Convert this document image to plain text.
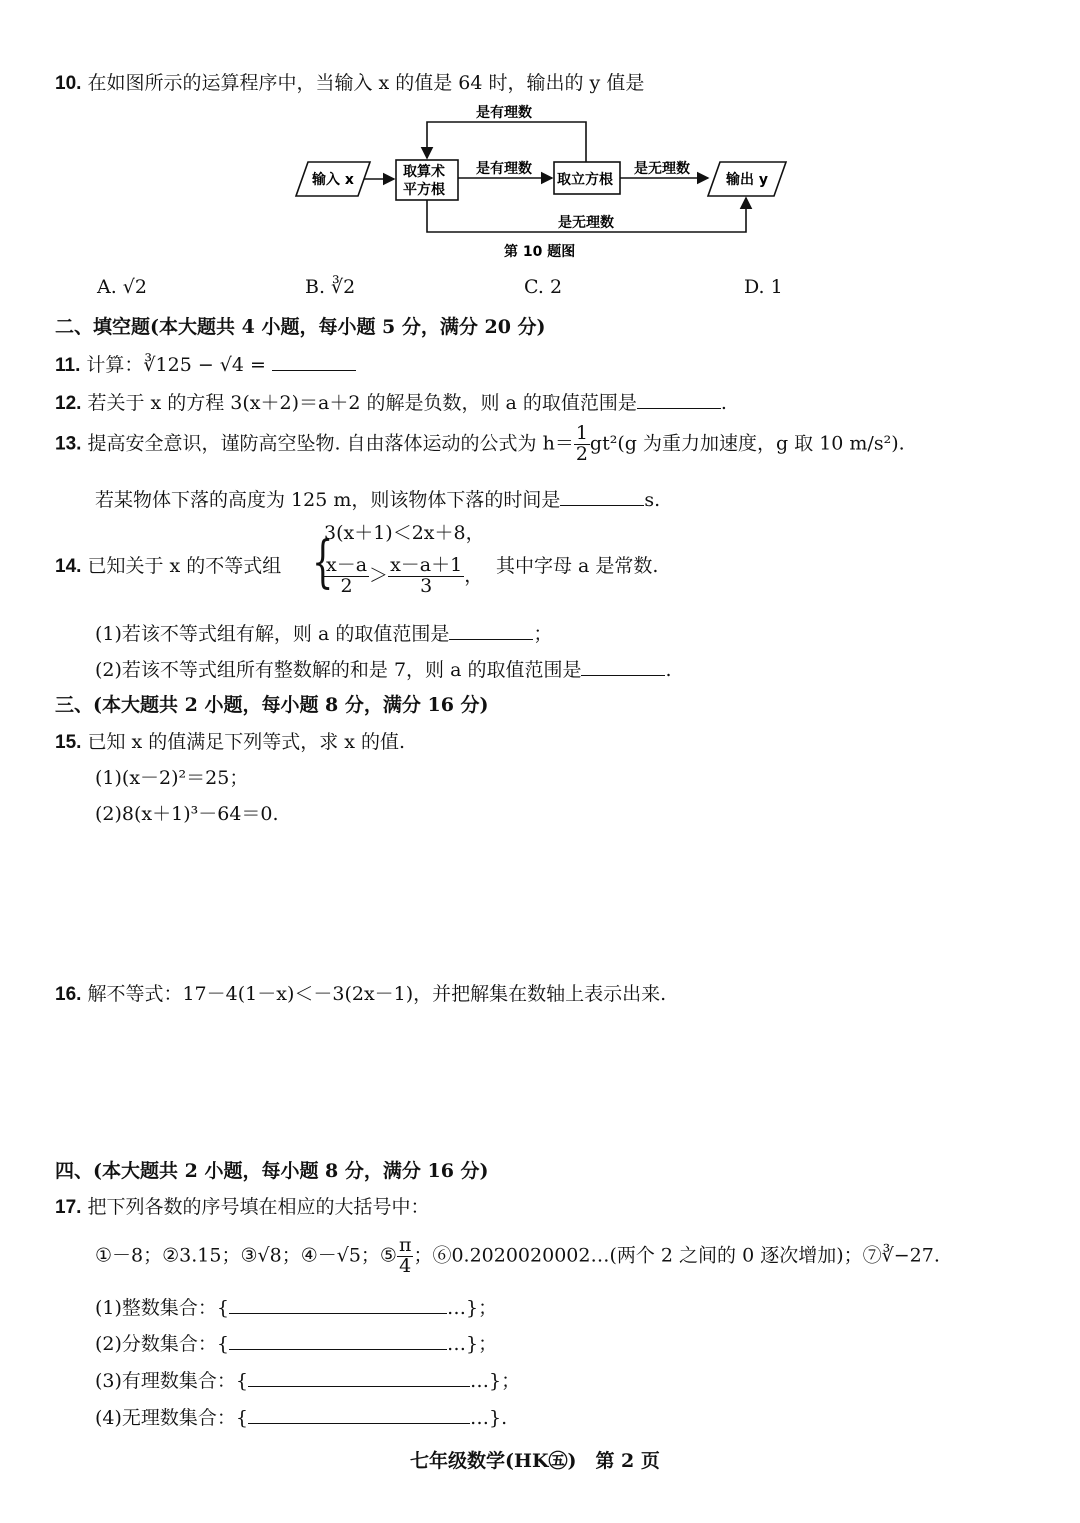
10. 在如图所示的运算程序中，当输入 x 的值是 64 时，输出的 y 值是
输入 x	取算术
平方根
是有理数
取立方根
是无理数
输出 y
是有理数
是无理数
第 10 题图
A. √2	B. ∛2	C. 2	D. 1
二、填空题(本大题共 4 小题，每小题 5 分，满分 20 分)
11. 计算：∛125 − √4 =
12. 若关于 x 的方程 3(x＋2)＝a＋2 的解是负数，则 a 的取值范围是	.
13. 提高安全意识，谨防高空坠物. 自由落体运动的公式为 $h= \frac{1}{2} gt^2(g$ 为重力加速度，g 取 10 m/s²).
若某物体下落的高度为 125 m，则该物体下落的时间是	s.
14. 已知关于 x 的不等式组 {
3(x＋1)＜2x＋8，
$\frac{x-a}{2} > \frac{x-a+1}{3}$ ， 其中字母 a 是常数.
(1)若该不等式组有解，则 a 的取值范围是	；
(2)若该不等式组所有整数解的和是 7，则 a 的取值范围是	.
三、(本大题共 2 小题，每小题 8 分，满分 16 分)
15. 已知 x 的值满足下列等式，求 x 的值.
(1)(x－2)²＝25；
(2)8(x＋1)³－64＝0.
16. 解不等式：17－4(1－x)＜－3(2x－1)，并把解集在数轴上表示出来.
四、(本大题共 2 小题，每小题 8 分，满分 16 分)
17. 把下列各数的序号填在相应的大括号中：
①－8；②3.15；③√8；④－√5；⑤ $\frac{\pi}{4}$ ；⑥0.2020020002…(两个 2 之间的 0 逐次增加)；⑦∛−27.
(1)整数集合：{	…}；
(2)分数集合：{	…}；
(3)有理数集合：{	…}；
(4)无理数集合：{	…}.
七年级数学(HK㊄)　第 2 页
